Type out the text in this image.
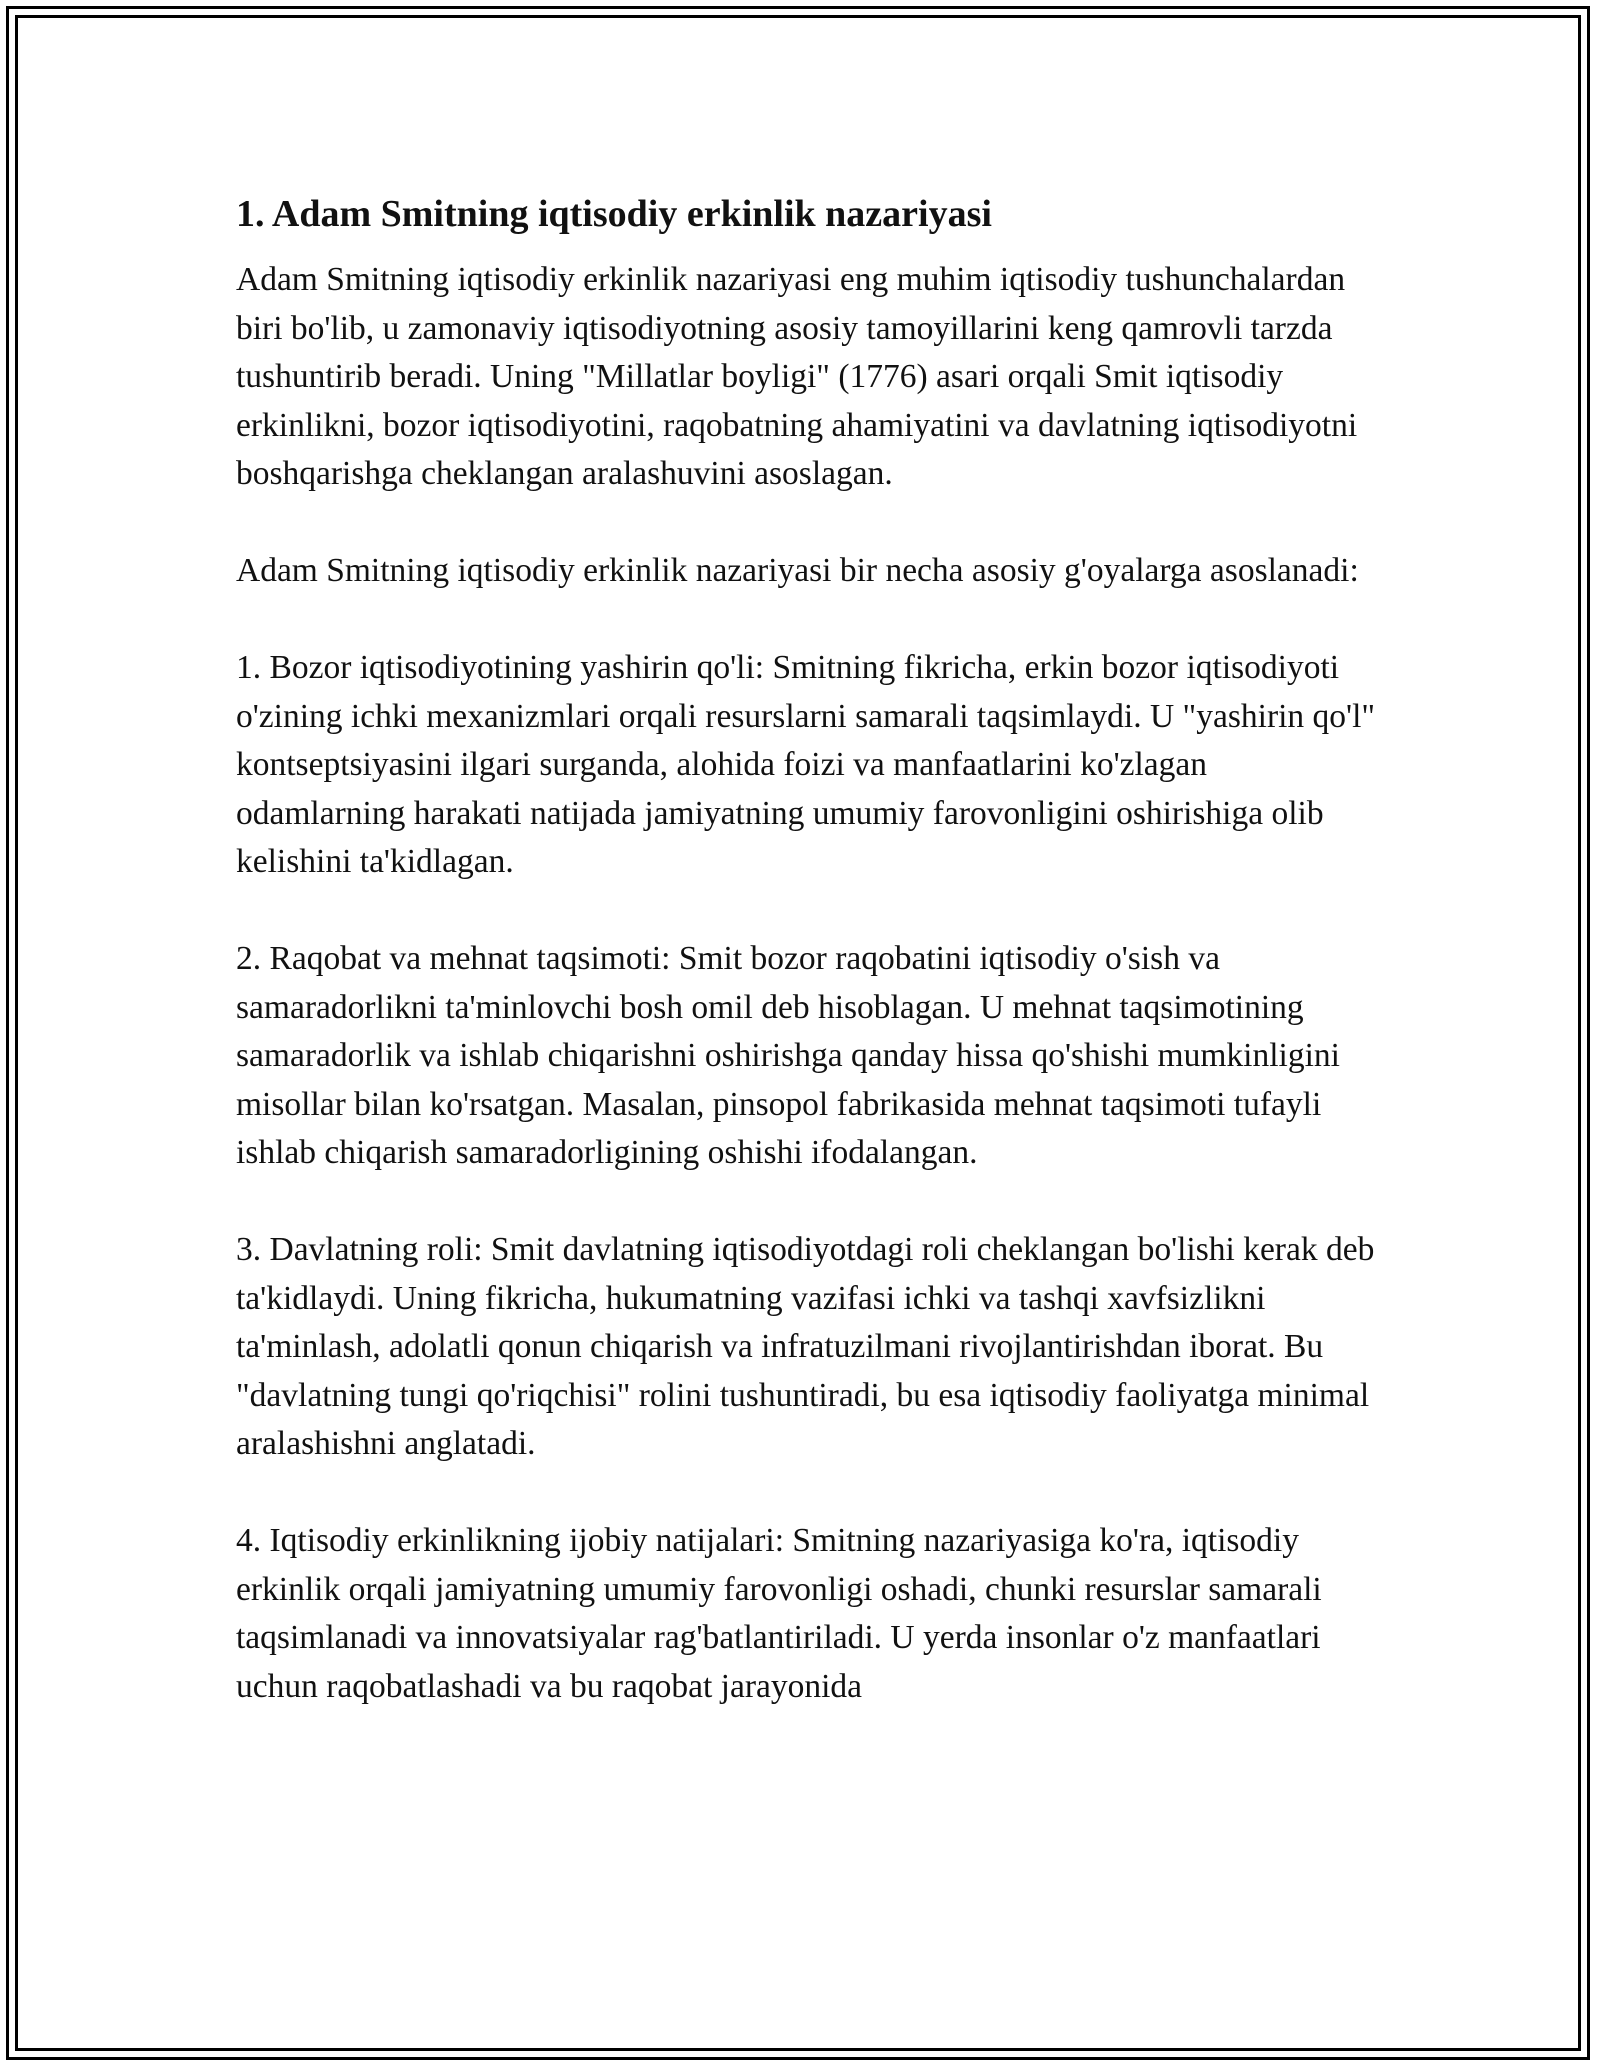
1. Adam Smitning iqtisodiy erkinlik nazariyasi

Adam Smitning iqtisodiy erkinlik nazariyasi eng muhim iqtisodiy tushunchalardan biri bo'lib, u zamonaviy iqtisodiyotning asosiy tamoyillarini keng qamrovli tarzda tushuntirib beradi. Uning "Millatlar boyligi" (1776) asari orqali Smit iqtisodiy erkinlikni, bozor iqtisodiyotini, raqobatning ahamiyatini va davlatning iqtisodiyotni boshqarishga cheklangan aralashuvini asoslagan.

Adam Smitning iqtisodiy erkinlik nazariyasi bir necha asosiy g'oyalarga asoslanadi:

1. Bozor iqtisodiyotining yashirin qo'li: Smitning fikricha, erkin bozor iqtisodiyoti o'zining ichki mexanizmlari orqali resurslarni samarali taqsimlaydi. U "yashirin qo'l" kontseptsiyasini ilgari surganda, alohida foizi va manfaatlarini ko'zlagan odamlarning harakati natijada jamiyatning umumiy farovonligini oshirishiga olib kelishini ta'kidlagan.

2. Raqobat va mehnat taqsimoti: Smit bozor raqobatini iqtisodiy o'sish va samaradorlikni ta'minlovchi bosh omil deb hisoblagan. U mehnat taqsimotining samaradorlik va ishlab chiqarishni oshirishga qanday hissa qo'shishi mumkinligini misollar bilan ko'rsatgan. Masalan, pinsopol fabrikasida mehnat taqsimoti tufayli ishlab chiqarish samaradorligining oshishi ifodalangan.

3. Davlatning roli: Smit davlatning iqtisodiyotdagi roli cheklangan bo'lishi kerak deb ta'kidlaydi. Uning fikricha, hukumatning vazifasi ichki va tashqi xavfsizlikni ta'minlash, adolatli qonun chiqarish va infratuzilmani rivojlantirishdan iborat. Bu "davlatning tungi qo'riqchisi" rolini tushuntiradi, bu esa iqtisodiy faoliyatga minimal aralashishni anglatadi.

4. Iqtisodiy erkinlikning ijobiy natijalari: Smitning nazariyasiga ko'ra, iqtisodiy erkinlik orqali jamiyatning umumiy farovonligi oshadi, chunki resurslar samarali taqsimlanadi va innovatsiyalar rag'batlantiriladi. U yerda insonlar o'z manfaatlari uchun raqobatlashadi va bu raqobat jarayonida
